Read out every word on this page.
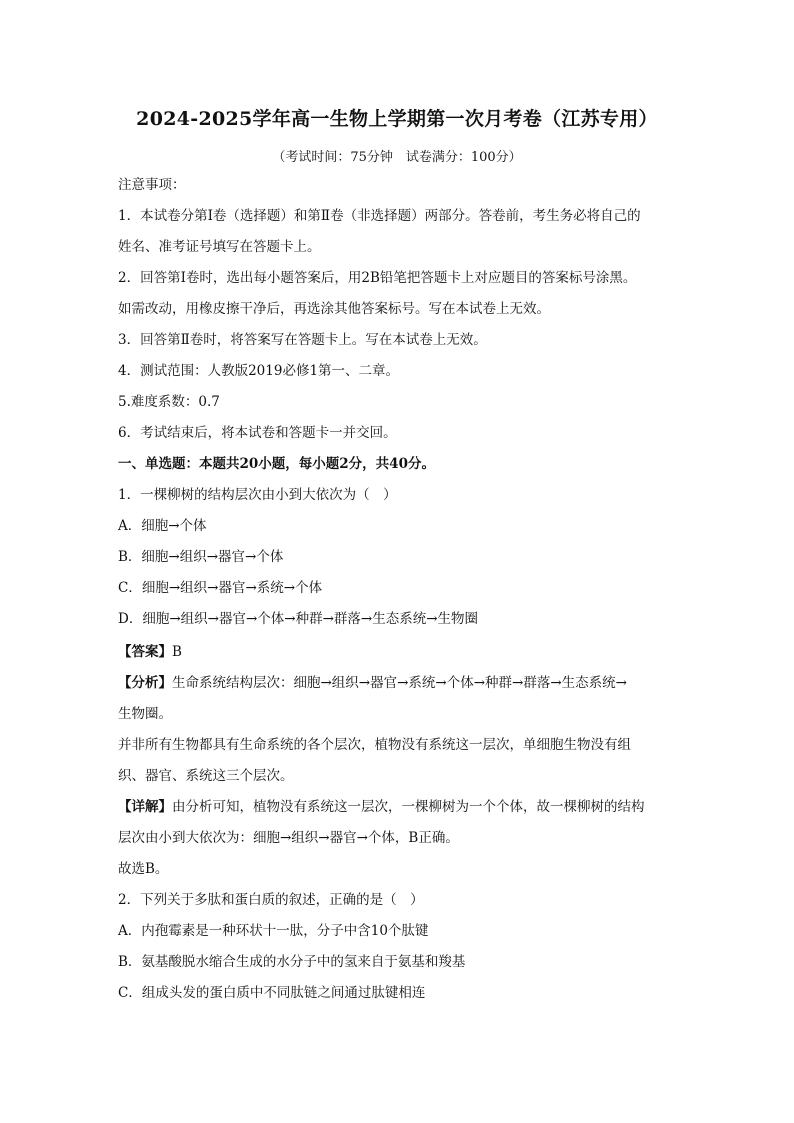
2024-2025学年高一生物上学期第一次月考卷（江苏专用）
（考试时间：75分钟　试卷满分：100分）
注意事项：
1．本试卷分第Ⅰ卷（选择题）和第Ⅱ卷（非选择题）两部分。答卷前，考生务必将自己的
姓名、准考证号填写在答题卡上。
2．回答第Ⅰ卷时，选出每小题答案后，用2B铅笔把答题卡上对应题目的答案标号涂黑。
如需改动，用橡皮擦干净后，再选涂其他答案标号。写在本试卷上无效。
3．回答第Ⅱ卷时，将答案写在答题卡上。写在本试卷上无效。
4．测试范围：人教版2019必修1第一、二章。
5.难度系数：0.7
6．考试结束后，将本试卷和答题卡一并交回。
一、单选题：本题共20小题，每小题2分，共40分。
1．一棵柳树的结构层次由小到大依次为（　）
A．细胞→个体
B．细胞→组织→器官→个体
C．细胞→组织→器官→系统→个体
D．细胞→组织→器官→个体→种群→群落→生态系统→生物圈
【答案】B
【分析】生命系统结构层次：细胞→组织→器官→系统→个体→种群→群落→生态系统→
生物圈。
并非所有生物都具有生命系统的各个层次，植物没有系统这一层次，单细胞生物没有组
织、器官、系统这三个层次。
【详解】由分析可知，植物没有系统这一层次，一棵柳树为一个个体，故一棵柳树的结构
层次由小到大依次为：细胞→组织→器官→个体，B正确。
故选B。
2．下列关于多肽和蛋白质的叙述，正确的是（　）
A．内孢霉素是一种环状十一肽，分子中含10个肽键
B．氨基酸脱水缩合生成的水分子中的氢来自于氨基和羧基
C．组成头发的蛋白质中不同肽链之间通过肽键相连
